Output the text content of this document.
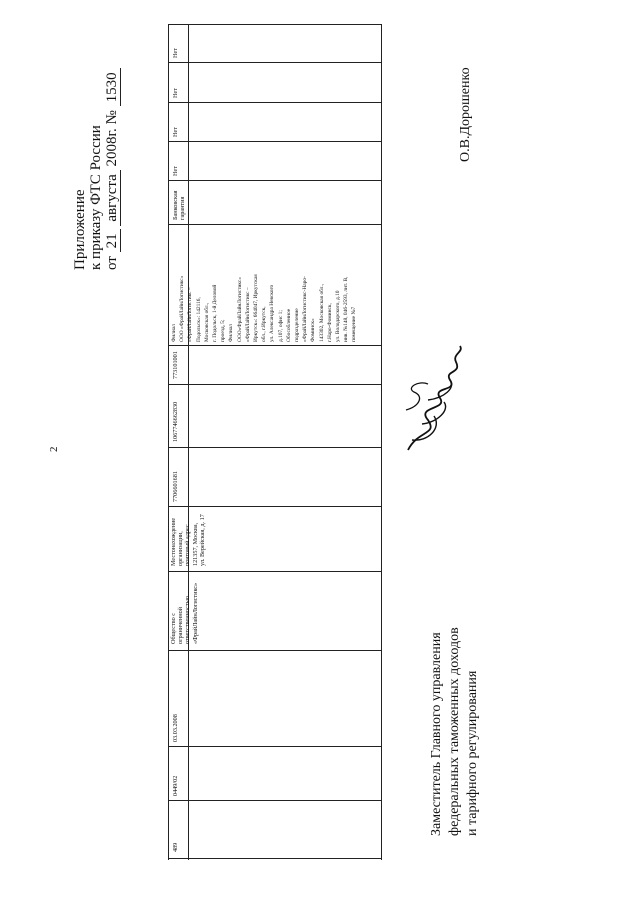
2
Приложение к приказу ФТС России от 21 августа 2008г. № 1530
489
0449/02
03.03.2008
Общество с ограниченной ответственностью «ФрайЛайнЛогистикс»
Местонахождение организации, почтовый адрес 121357, Москва, ул. Верейская, д. 17
7706601681
1067746662830
773101001
Филиал ООО «ФрайЛайнЛогистикс» «ФрайЛайнЛогистикс – Подольск»: 142116, Московская обл., г. Подольск, 1-й Деловой проезд, 5; Филиал ООО«ФрайЛайнЛогистикс» «ФрайЛайнЛогистикс – Иркутск»: 664047, Иркутская обл., г.Иркутск, ул. Александра Невского д.107, офис 1; Обособленное подразделение «ФрайЛайнЛогистикс-Наро- Фоминск» 143302, Московская обл., г.Наро-Фоминск, ул. Володарского, д.10 инв. №148, 046-2593, лит. В, помещение №7
Банковская гарантия
Нет
Нет
Нет
Нет
Заместитель Главного управления федеральных таможенных доходов и тарифного регулирования
О.В.Дорошенко
